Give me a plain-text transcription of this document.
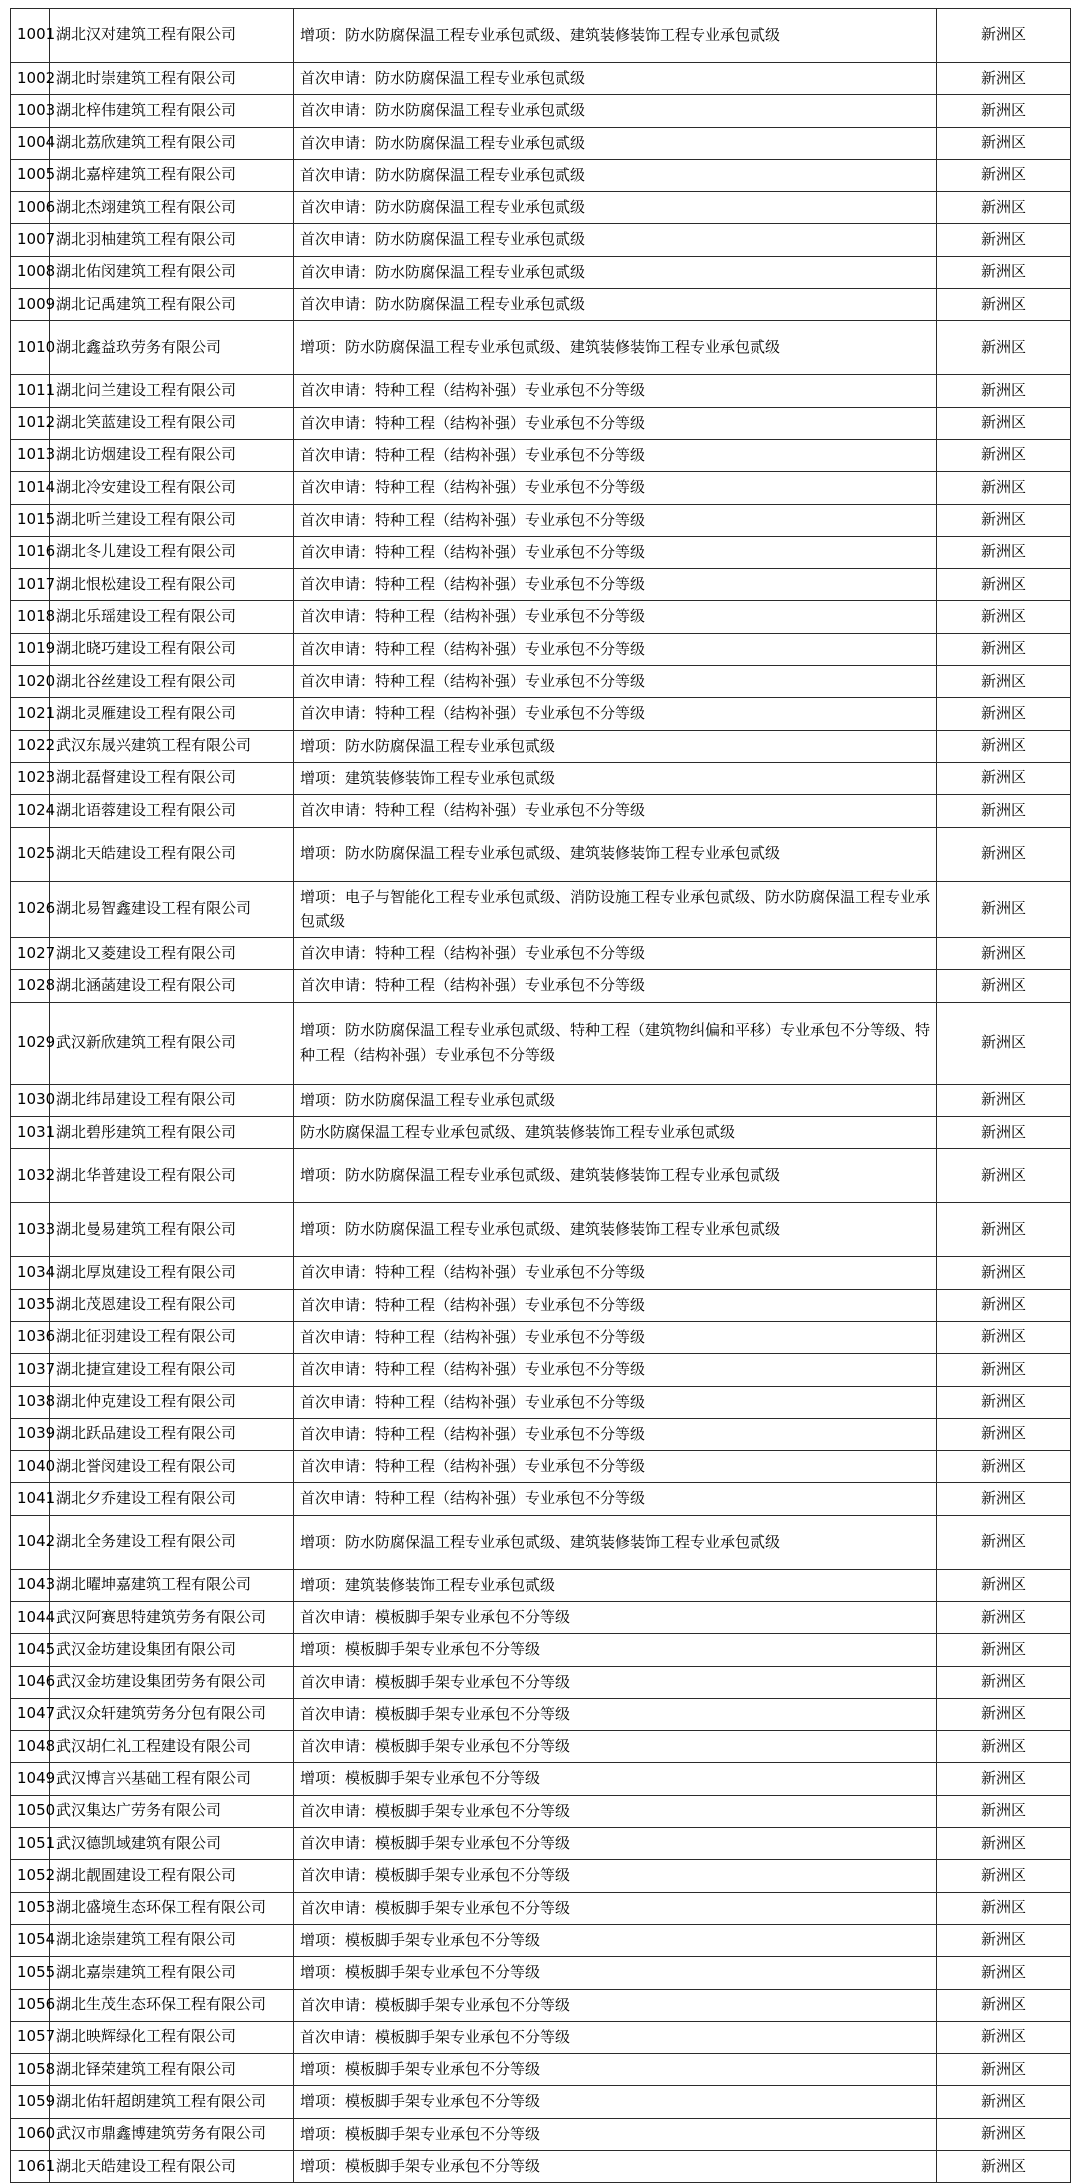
1001	湖北汉对建筑工程有限公司	增项：防水防腐保温工程专业承包贰级、建筑装修装饰工程专业承包贰级	新洲区
1002	湖北时崇建筑工程有限公司	首次申请：防水防腐保温工程专业承包贰级	新洲区
1003	湖北梓伟建筑工程有限公司	首次申请：防水防腐保温工程专业承包贰级	新洲区
1004	湖北荔欣建筑工程有限公司	首次申请：防水防腐保温工程专业承包贰级	新洲区
1005	湖北嘉梓建筑工程有限公司	首次申请：防水防腐保温工程专业承包贰级	新洲区
1006	湖北杰翊建筑工程有限公司	首次申请：防水防腐保温工程专业承包贰级	新洲区
1007	湖北羽柚建筑工程有限公司	首次申请：防水防腐保温工程专业承包贰级	新洲区
1008	湖北佑闵建筑工程有限公司	首次申请：防水防腐保温工程专业承包贰级	新洲区
1009	湖北记禹建筑工程有限公司	首次申请：防水防腐保温工程专业承包贰级	新洲区
1010	湖北鑫益玖劳务有限公司	增项：防水防腐保温工程专业承包贰级、建筑装修装饰工程专业承包贰级	新洲区
1011	湖北问兰建设工程有限公司	首次申请：特种工程（结构补强）专业承包不分等级	新洲区
1012	湖北笑蓝建设工程有限公司	首次申请：特种工程（结构补强）专业承包不分等级	新洲区
1013	湖北访烟建设工程有限公司	首次申请：特种工程（结构补强）专业承包不分等级	新洲区
1014	湖北冷安建设工程有限公司	首次申请：特种工程（结构补强）专业承包不分等级	新洲区
1015	湖北听兰建设工程有限公司	首次申请：特种工程（结构补强）专业承包不分等级	新洲区
1016	湖北冬儿建设工程有限公司	首次申请：特种工程（结构补强）专业承包不分等级	新洲区
1017	湖北恨松建设工程有限公司	首次申请：特种工程（结构补强）专业承包不分等级	新洲区
1018	湖北乐瑶建设工程有限公司	首次申请：特种工程（结构补强）专业承包不分等级	新洲区
1019	湖北晓巧建设工程有限公司	首次申请：特种工程（结构补强）专业承包不分等级	新洲区
1020	湖北谷丝建设工程有限公司	首次申请：特种工程（结构补强）专业承包不分等级	新洲区
1021	湖北灵雁建设工程有限公司	首次申请：特种工程（结构补强）专业承包不分等级	新洲区
1022	武汉东晟兴建筑工程有限公司	增项：防水防腐保温工程专业承包贰级	新洲区
1023	湖北磊督建设工程有限公司	增项：建筑装修装饰工程专业承包贰级	新洲区
1024	湖北语蓉建设工程有限公司	首次申请：特种工程（结构补强）专业承包不分等级	新洲区
1025	湖北天皓建设工程有限公司	增项：防水防腐保温工程专业承包贰级、建筑装修装饰工程专业承包贰级	新洲区
1026	湖北易智鑫建设工程有限公司	增项：电子与智能化工程专业承包贰级、消防设施工程专业承包贰级、防水防腐保温工程专业承包贰级	新洲区
1027	湖北又菱建设工程有限公司	首次申请：特种工程（结构补强）专业承包不分等级	新洲区
1028	湖北涵菡建设工程有限公司	首次申请：特种工程（结构补强）专业承包不分等级	新洲区
1029	武汉新欣建筑工程有限公司	增项：防水防腐保温工程专业承包贰级、特种工程（建筑物纠偏和平移）专业承包不分等级、特种工程（结构补强）专业承包不分等级	新洲区
1030	湖北纬昂建设工程有限公司	增项：防水防腐保温工程专业承包贰级	新洲区
1031	湖北碧彤建筑工程有限公司	防水防腐保温工程专业承包贰级、建筑装修装饰工程专业承包贰级	新洲区
1032	湖北华普建设工程有限公司	增项：防水防腐保温工程专业承包贰级、建筑装修装饰工程专业承包贰级	新洲区
1033	湖北曼易建筑工程有限公司	增项：防水防腐保温工程专业承包贰级、建筑装修装饰工程专业承包贰级	新洲区
1034	湖北厚岚建设工程有限公司	首次申请：特种工程（结构补强）专业承包不分等级	新洲区
1035	湖北茂恩建设工程有限公司	首次申请：特种工程（结构补强）专业承包不分等级	新洲区
1036	湖北征羽建设工程有限公司	首次申请：特种工程（结构补强）专业承包不分等级	新洲区
1037	湖北捷宣建设工程有限公司	首次申请：特种工程（结构补强）专业承包不分等级	新洲区
1038	湖北仲克建设工程有限公司	首次申请：特种工程（结构补强）专业承包不分等级	新洲区
1039	湖北跃品建设工程有限公司	首次申请：特种工程（结构补强）专业承包不分等级	新洲区
1040	湖北誉闵建设工程有限公司	首次申请：特种工程（结构补强）专业承包不分等级	新洲区
1041	湖北夕乔建设工程有限公司	首次申请：特种工程（结构补强）专业承包不分等级	新洲区
1042	湖北全务建设工程有限公司	增项：防水防腐保温工程专业承包贰级、建筑装修装饰工程专业承包贰级	新洲区
1043	湖北曜坤嘉建筑工程有限公司	增项：建筑装修装饰工程专业承包贰级	新洲区
1044	武汉阿赛思特建筑劳务有限公司	首次申请：模板脚手架专业承包不分等级	新洲区
1045	武汉金坊建设集团有限公司	增项：模板脚手架专业承包不分等级	新洲区
1046	武汉金坊建设集团劳务有限公司	首次申请：模板脚手架专业承包不分等级	新洲区
1047	武汉众轩建筑劳务分包有限公司	首次申请：模板脚手架专业承包不分等级	新洲区
1048	武汉胡仁礼工程建设有限公司	首次申请：模板脚手架专业承包不分等级	新洲区
1049	武汉博言兴基础工程有限公司	增项：模板脚手架专业承包不分等级	新洲区
1050	武汉集达广劳务有限公司	首次申请：模板脚手架专业承包不分等级	新洲区
1051	武汉德凯域建筑有限公司	首次申请：模板脚手架专业承包不分等级	新洲区
1052	湖北靓圄建设工程有限公司	首次申请：模板脚手架专业承包不分等级	新洲区
1053	湖北盛境生态环保工程有限公司	首次申请：模板脚手架专业承包不分等级	新洲区
1054	湖北途崇建筑工程有限公司	增项：模板脚手架专业承包不分等级	新洲区
1055	湖北嘉崇建筑工程有限公司	增项：模板脚手架专业承包不分等级	新洲区
1056	湖北生茂生态环保工程有限公司	首次申请：模板脚手架专业承包不分等级	新洲区
1057	湖北映辉绿化工程有限公司	首次申请：模板脚手架专业承包不分等级	新洲区
1058	湖北铎荣建筑工程有限公司	增项：模板脚手架专业承包不分等级	新洲区
1059	湖北佑轩超朗建筑工程有限公司	增项：模板脚手架专业承包不分等级	新洲区
1060	武汉市鼎鑫博建筑劳务有限公司	增项：模板脚手架专业承包不分等级	新洲区
1061	湖北天皓建设工程有限公司	增项：模板脚手架专业承包不分等级	新洲区
